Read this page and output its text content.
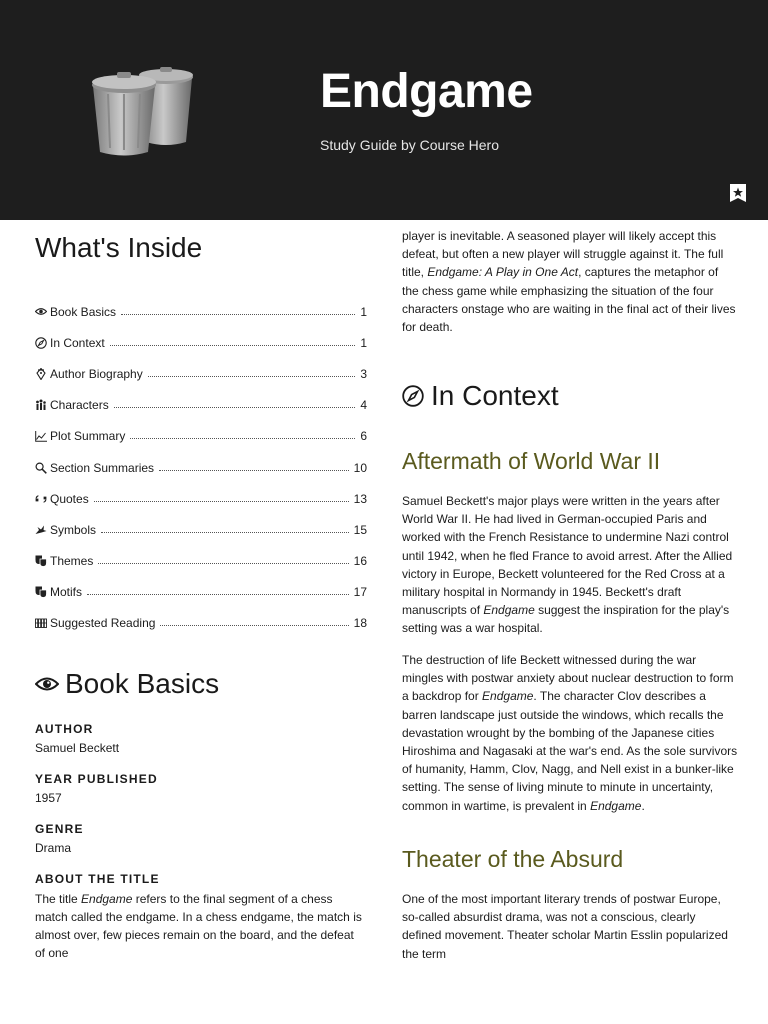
Endgame
Study Guide by Course Hero
What's Inside
Book Basics	1
In Context	1
Author Biography	3
Characters	4
Plot Summary	6
Section Summaries	10
Quotes	13
Symbols	15
Themes	16
Motifs	17
Suggested Reading	18
Book Basics
AUTHOR
Samuel Beckett
YEAR PUBLISHED
1957
GENRE
Drama
ABOUT THE TITLE
The title Endgame refers to the final segment of a chess match called the endgame. In a chess endgame, the match is almost over, few pieces remain on the board, and the defeat of one
player is inevitable. A seasoned player will likely accept this defeat, but often a new player will struggle against it. The full title, Endgame: A Play in One Act, captures the metaphor of the chess game while emphasizing the situation of the four characters onstage who are waiting in the final act of their lives for death.
In Context
Aftermath of World War II
Samuel Beckett's major plays were written in the years after World War II. He had lived in German-occupied Paris and worked with the French Resistance to undermine Nazi control until 1942, when he fled France to avoid arrest. After the Allied victory in Europe, Beckett volunteered for the Red Cross at a military hospital in Normandy in 1945. Beckett's draft manuscripts of Endgame suggest the inspiration for the play's setting was a war hospital.
The destruction of life Beckett witnessed during the war mingles with postwar anxiety about nuclear destruction to form a backdrop for Endgame. The character Clov describes a barren landscape just outside the windows, which recalls the devastation wrought by the bombing of the Japanese cities Hiroshima and Nagasaki at the war's end. As the sole survivors of humanity, Hamm, Clov, Nagg, and Nell exist in a bunker-like setting. The sense of living minute to minute in uncertainty, common in wartime, is prevalent in Endgame.
Theater of the Absurd
One of the most important literary trends of postwar Europe, so-called absurdist drama, was not a conscious, clearly defined movement. Theater scholar Martin Esslin popularized the term
